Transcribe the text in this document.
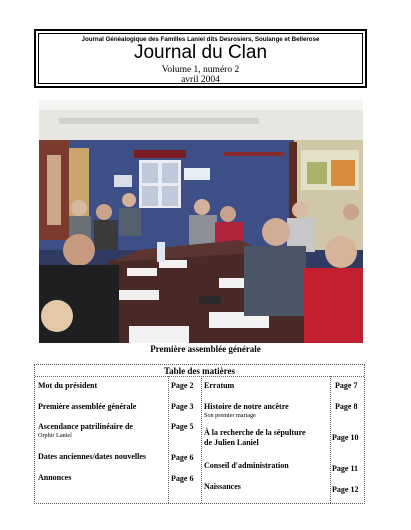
Journal Généalogique des Familles Laniel dits Desrosiers, Soulange et Bellerose
Journal du Clan
Volume 1, numéro 2
avril 2004
Première assemblée générale
Table des matières
Mot du président	Page 2
Première assemblée générale	Page 3
Ascendance patrilinéaire de
Orphir Laniel
Page 5
Dates anciennes/dates nouvelles	Page 6
Annonces	Page 6
Erratum	Page 7
Histoire de notre ancêtre
Son premier mariage
Page 8
À la recherche de la sépulture
de Julien Laniel
Page 10
Conseil d'administration	Page 11
Naissances	Page 12
